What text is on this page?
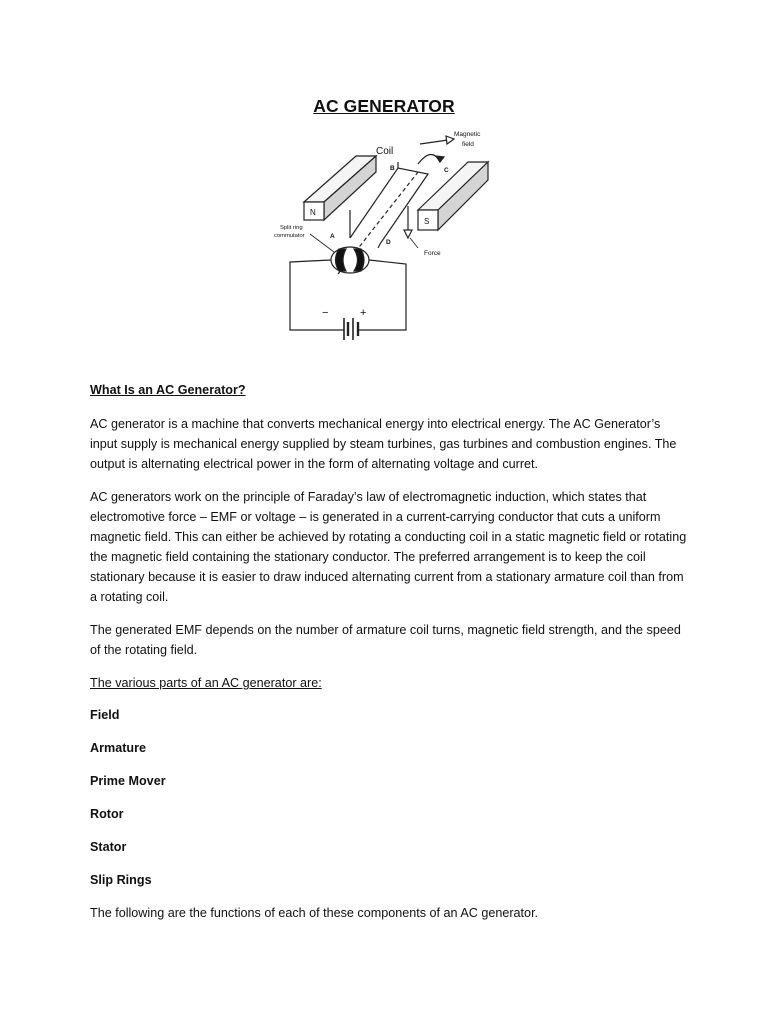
AC GENERATOR
Coil
Magnetic
field
N
S
B	C
A
D
Split ring
commutator
Force
−	+
What Is an AC Generator?
AC generator is a machine that converts mechanical energy into electrical energy. The AC Generator’s input supply is mechanical energy supplied by steam turbines, gas turbines and combustion engines. The output is alternating electrical power in the form of alternating voltage and curret.
AC generators work on the principle of Faraday’s law of electromagnetic induction, which states that electromotive force – EMF or voltage – is generated in a current-carrying conductor that cuts a uniform magnetic field. This can either be achieved by rotating a conducting coil in a static magnetic field or rotating the magnetic field containing the stationary conductor. The preferred arrangement is to keep the coil stationary because it is easier to draw induced alternating current from a stationary armature coil than from a rotating coil.
The generated EMF depends on the number of armature coil turns, magnetic field strength, and the speed of the rotating field.
The various parts of an AC generator are:
Field
Armature
Prime Mover
Rotor
Stator
Slip Rings
The following are the functions of each of these components of an AC generator.
